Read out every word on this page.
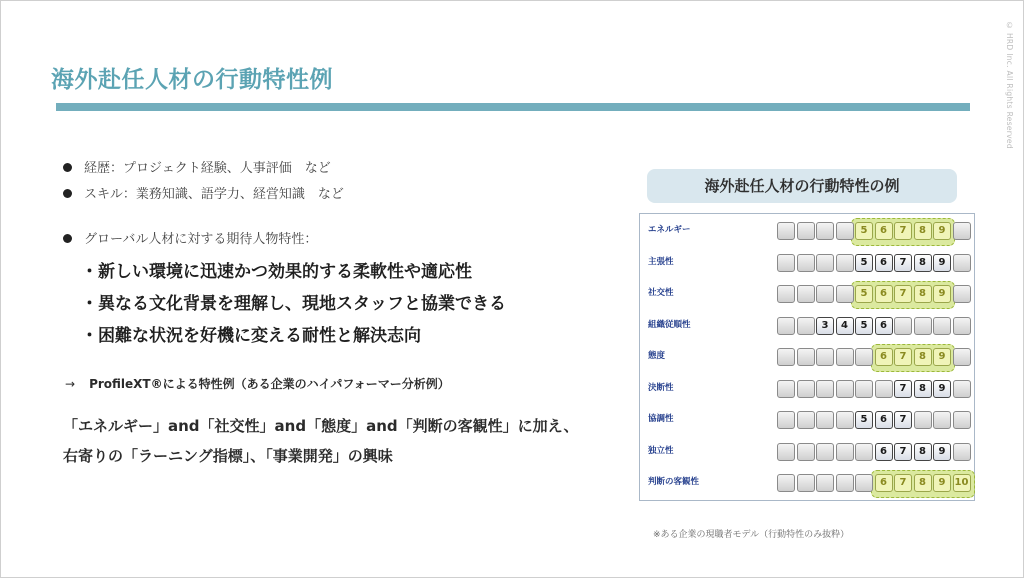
海外赴任人材の行動特性例	© HRD Inc. All Rights Reserved
経歴：プロジェクト経験、人事評価　など
スキル：業務知識、語学力、経営知識　など
グローバル人材に対する期待人物特性：
・新しい環境に迅速かつ効果的する柔軟性や適応性
・異なる文化背景を理解し、現地スタッフと協業できる
・困難な状況を好機に変える耐性と解決志向
→ ProfileXT®による特性例（ある企業のハイパフォーマー分析例）
「エネルギー」and「社交性」and「態度」and「判断の客観性」に加え、
右寄りの「ラーニング指標」、「事業開発」の興味
海外赴任人材の行動特性の例
エネルギー	5	6	7	8	9
主張性	5	6	7	8	9
社交性	5	6	7	8	9
組織従順性	3	4	5	6
態度	6	7	8	9
決断性	7	8	9
協調性	5	6	7
独立性	6	7	8	9
判断の客観性	6	7	8	9 10
※ある企業の現職者モデル（行動特性のみ抜粋）
